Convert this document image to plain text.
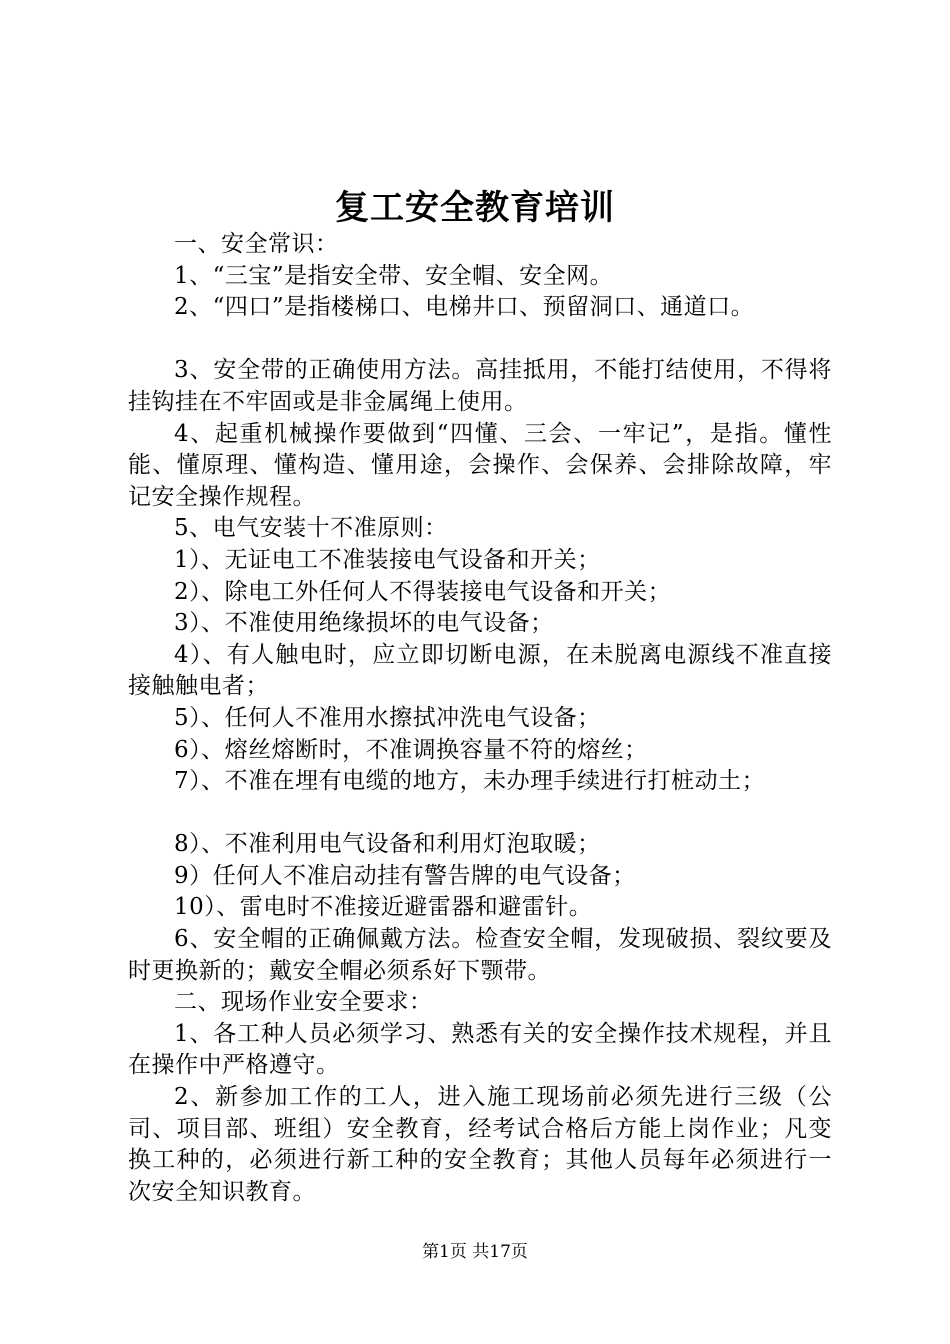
复工安全教育培训

一、安全常识：

1、“三宝”是指安全带、安全帽、安全网。

2、“四口”是指楼梯口、电梯井口、预留洞口、通道口。

3、安全带的正确使用方法。高挂抵用，不能打结使用，不得将挂钩挂在不牢固或是非金属绳上使用。

4、起重机械操作要做到“四懂、三会、一牢记”，是指。懂性能、懂原理、懂构造、懂用途，会操作、会保养、会排除故障，牢记安全操作规程。

5、电气安装十不准原则：

1）、无证电工不准装接电气设备和开关；

2）、除电工外任何人不得装接电气设备和开关；

3）、不准使用绝缘损坏的电气设备；

4）、有人触电时，应立即切断电源，在未脱离电源线不准直接接触触电者；

5）、任何人不准用水擦拭冲洗电气设备；

6）、熔丝熔断时，不准调换容量不符的熔丝；

7）、不准在埋有电缆的地方，未办理手续进行打桩动土；

8）、不准利用电气设备和利用灯泡取暖；

9）任何人不准启动挂有警告牌的电气设备；

10）、雷电时不准接近避雷器和避雷针。

6、安全帽的正确佩戴方法。检查安全帽，发现破损、裂纹要及时更换新的；戴安全帽必须系好下颚带。

二、现场作业安全要求：

1、各工种人员必须学习、熟悉有关的安全操作技术规程，并且在操作中严格遵守。

2、新参加工作的工人，进入施工现场前必须先进行三级（公司、项目部、班组）安全教育，经考试合格后方能上岗作业；凡变换工种的，必须进行新工种的安全教育；其他人员每年必须进行一次安全知识教育。

第1页 共17页
